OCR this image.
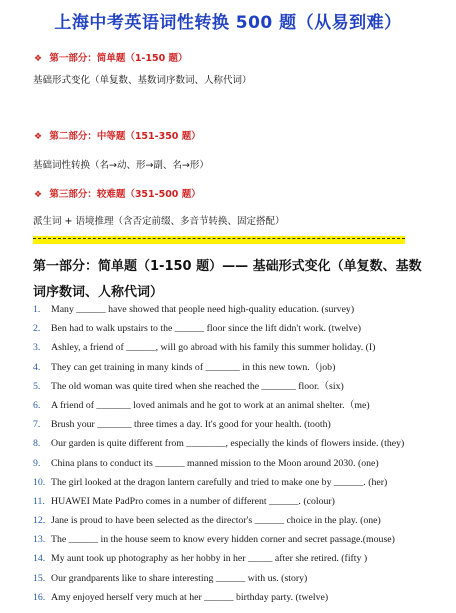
上海中考英语词性转换 500 题（从易到难）
❖ 第一部分：简单题（1-150 题）
基础形式变化（单复数、基数词序数词、人称代词）
❖ 第二部分：中等题（151-350 题）
基础词性转换（名→动、形→副、名→形）
❖ 第三部分：较难题（351-500 题）
派生词 + 语境推理（含否定前缀、多音节转换、固定搭配）
第一部分：简单题（1-150 题）—— 基础形式变化（单复数、基数词序数词、人称代词）
1. Many ______ have showed that people need high-quality education. (survey)
2. Ben had to walk upstairs to the ______ floor since the lift didn't work. (twelve)
3. Ashley, a friend of ______, will go abroad with his family this summer holiday. (I)
4. They can get training in many kinds of _______ in this new town.（job)
5. The old woman was quite tired when she reached the _______ floor.（six)
6. A friend of _______ loved animals and he got to work at an animal shelter.（me)
7. Brush your _______ three times a day. It's good for your health. (tooth)
8. Our garden is quite different from ________, especially the kinds of flowers inside. (they)
9. China plans to conduct its ______ manned mission to the Moon around 2030. (one)
10. The girl looked at the dragon lantern carefully and tried to make one by ______. (her)
11. HUAWEI Mate PadPro comes in a number of different ______. (colour)
12. Jane is proud to have been selected as the director's ______ choice in the play. (one)
13. The ______ in the house seem to know every hidden corner and secret passage.(mouse)
14. My aunt took up photography as her hobby in her _____ after she retired. (fifty )
15. Our grandparents like to share interesting ______ with us. (story)
16. Amy enjoyed herself very much at her ______ birthday party. (twelve)
